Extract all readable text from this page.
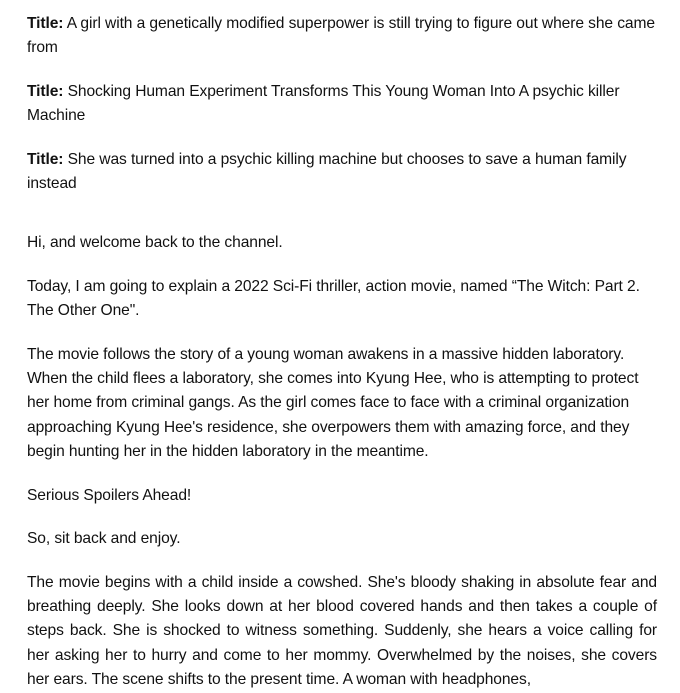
Title: A girl with a genetically modified superpower is still trying to figure out where she came from

Title: Shocking Human Experiment Transforms This Young Woman Into A psychic killer Machine

Title: She was turned into a psychic killing machine but chooses to save a human family instead

Hi, and welcome back to the channel.

Today, I am going to explain a 2022 Sci-Fi thriller, action movie, named “The Witch: Part 2. The Other One".

The movie follows the story of a young woman awakens in a massive hidden laboratory. When the child flees a laboratory, she comes into Kyung Hee, who is attempting to protect her home from criminal gangs. As the girl comes face to face with a criminal organization approaching Kyung Hee's residence, she overpowers them with amazing force, and they begin hunting her in the hidden laboratory in the meantime.

Serious Spoilers Ahead!

So, sit back and enjoy.

The movie begins with a child inside a cowshed. She's bloody shaking in absolute fear and breathing deeply. She looks down at her blood covered hands and then takes a couple of steps back. She is shocked to witness something. Suddenly, she hears a voice calling for her asking her to hurry and come to her mommy. Overwhelmed by the noises, she covers her ears. The scene shifts to the present time. A woman with headphones,
